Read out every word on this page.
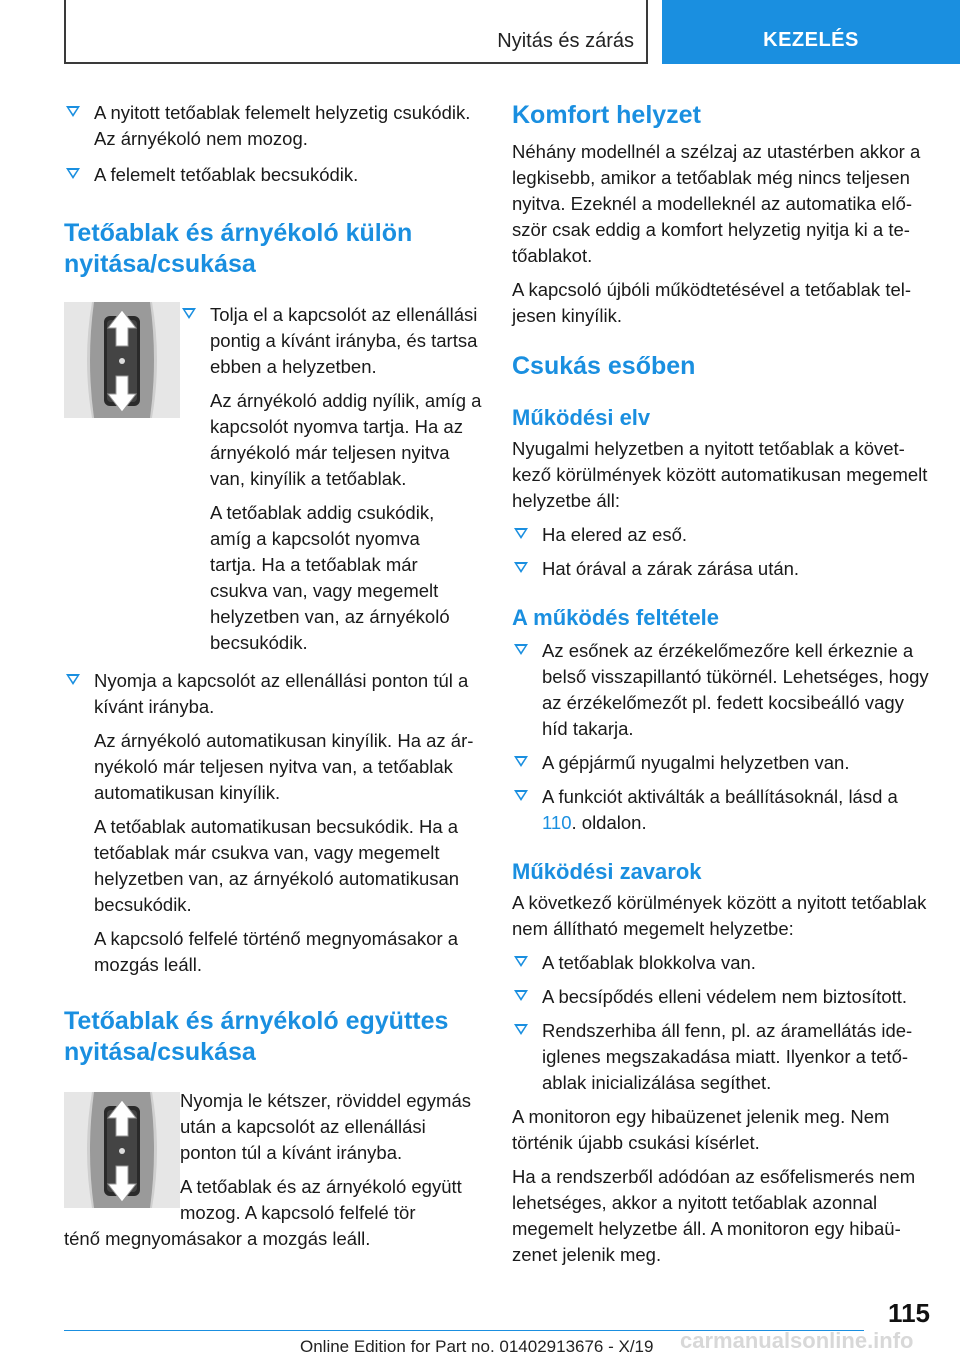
Nyitás és zárás	KEZELÉS
A nyitott tetőablak felemelt helyzetig csukódik. Az árnyékoló nem mozog.
A felemelt tetőablak becsukódik.
Tetőablak és árnyékoló külön nyitása/csukása
Tolja el a kapcsolót az ellenállási pontig a kívánt irányba, és tartsa ebben a helyzetben.
Az árnyékoló addig nyílik, amíg a kapcsolót nyomva tartja. Ha az árnyékoló már teljesen nyitva van, kinyílik a tetőablak.
A tetőablak addig csukódik, amíg a kapcsolót nyomva tartja. Ha a tetőablak már csukva van, vagy megemelt helyzetben van, az árnyékoló becsukódik.
Nyomja a kapcsolót az ellenállási ponton túl a kívánt irányba.
Az árnyékoló automatikusan kinyílik. Ha az árnyékoló már teljesen nyitva van, a tetőablak automatikusan kinyílik.
A tetőablak automatikusan becsukódik. Ha a tetőablak már csukva van, vagy megemelt helyzetben van, az árnyékoló automatikusan becsukódik.
A kapcsoló felfelé történő megnyomásakor a mozgás leáll.
Tetőablak és árnyékoló együttes nyitása/csukása

Nyomja le kétszer, röviddel egymás után a kapcsolót az ellenállási ponton túl a kívánt irányba.

A tetőablak és az árnyékoló együtt mozog. A kapcsoló felfelé tör

ténő megnyomásakor a mozgás leáll.

Komfort helyzet

Néhány modellnél a szélzaj az utastérben akkor a legkisebb, amikor a tetőablak még nincs teljesen nyitva. Ezeknél a modelleknél az automatika először csak eddig a komfort helyzetig nyitja ki a tetőablakot.

A kapcsoló újbóli működtetésével a tetőablak teljesen kinyílik.

Csukás esőben
Működési elv

Nyugalmi helyzetben a nyitott tetőablak a következő körülmények között automatikusan megemelt helyzetbe áll:

Ha elered az eső.
Hat órával a zárak zárása után.
A működés feltétele
Az esőnek az érzékelőmezőre kell érkeznie a belső visszapillantó tükörnél. Lehetséges, hogy az érzékelőmezőt pl. fedett kocsibeálló vagy híd takarja.
A gépjármű nyugalmi helyzetben van.
A funkciót aktiválták a beállításoknál, lásd a 110. oldalon.
Működési zavarok

A következő körülmények között a nyitott tetőablak nem állítható megemelt helyzetbe:

A tetőablak blokkolva van.
A becsípődés elleni védelem nem biztosított.
Rendszerhiba áll fenn, pl. az áramellátás ideiglenes megszakadása miatt. Ilyenkor a tetőablak inicializálása segíthet.

A monitoron egy hibaüzenet jelenik meg. Nem történik újabb csukási kísérlet.

Ha a rendszerből adódóan az esőfelismerés nem lehetséges, akkor a nyitott tetőablak azonnal megemelt helyzetbe áll. A monitoron egy hibaüzenet jelenik meg.

115
carmanualsonline.info
Online Edition for Part no. 01402913676 - X/19
